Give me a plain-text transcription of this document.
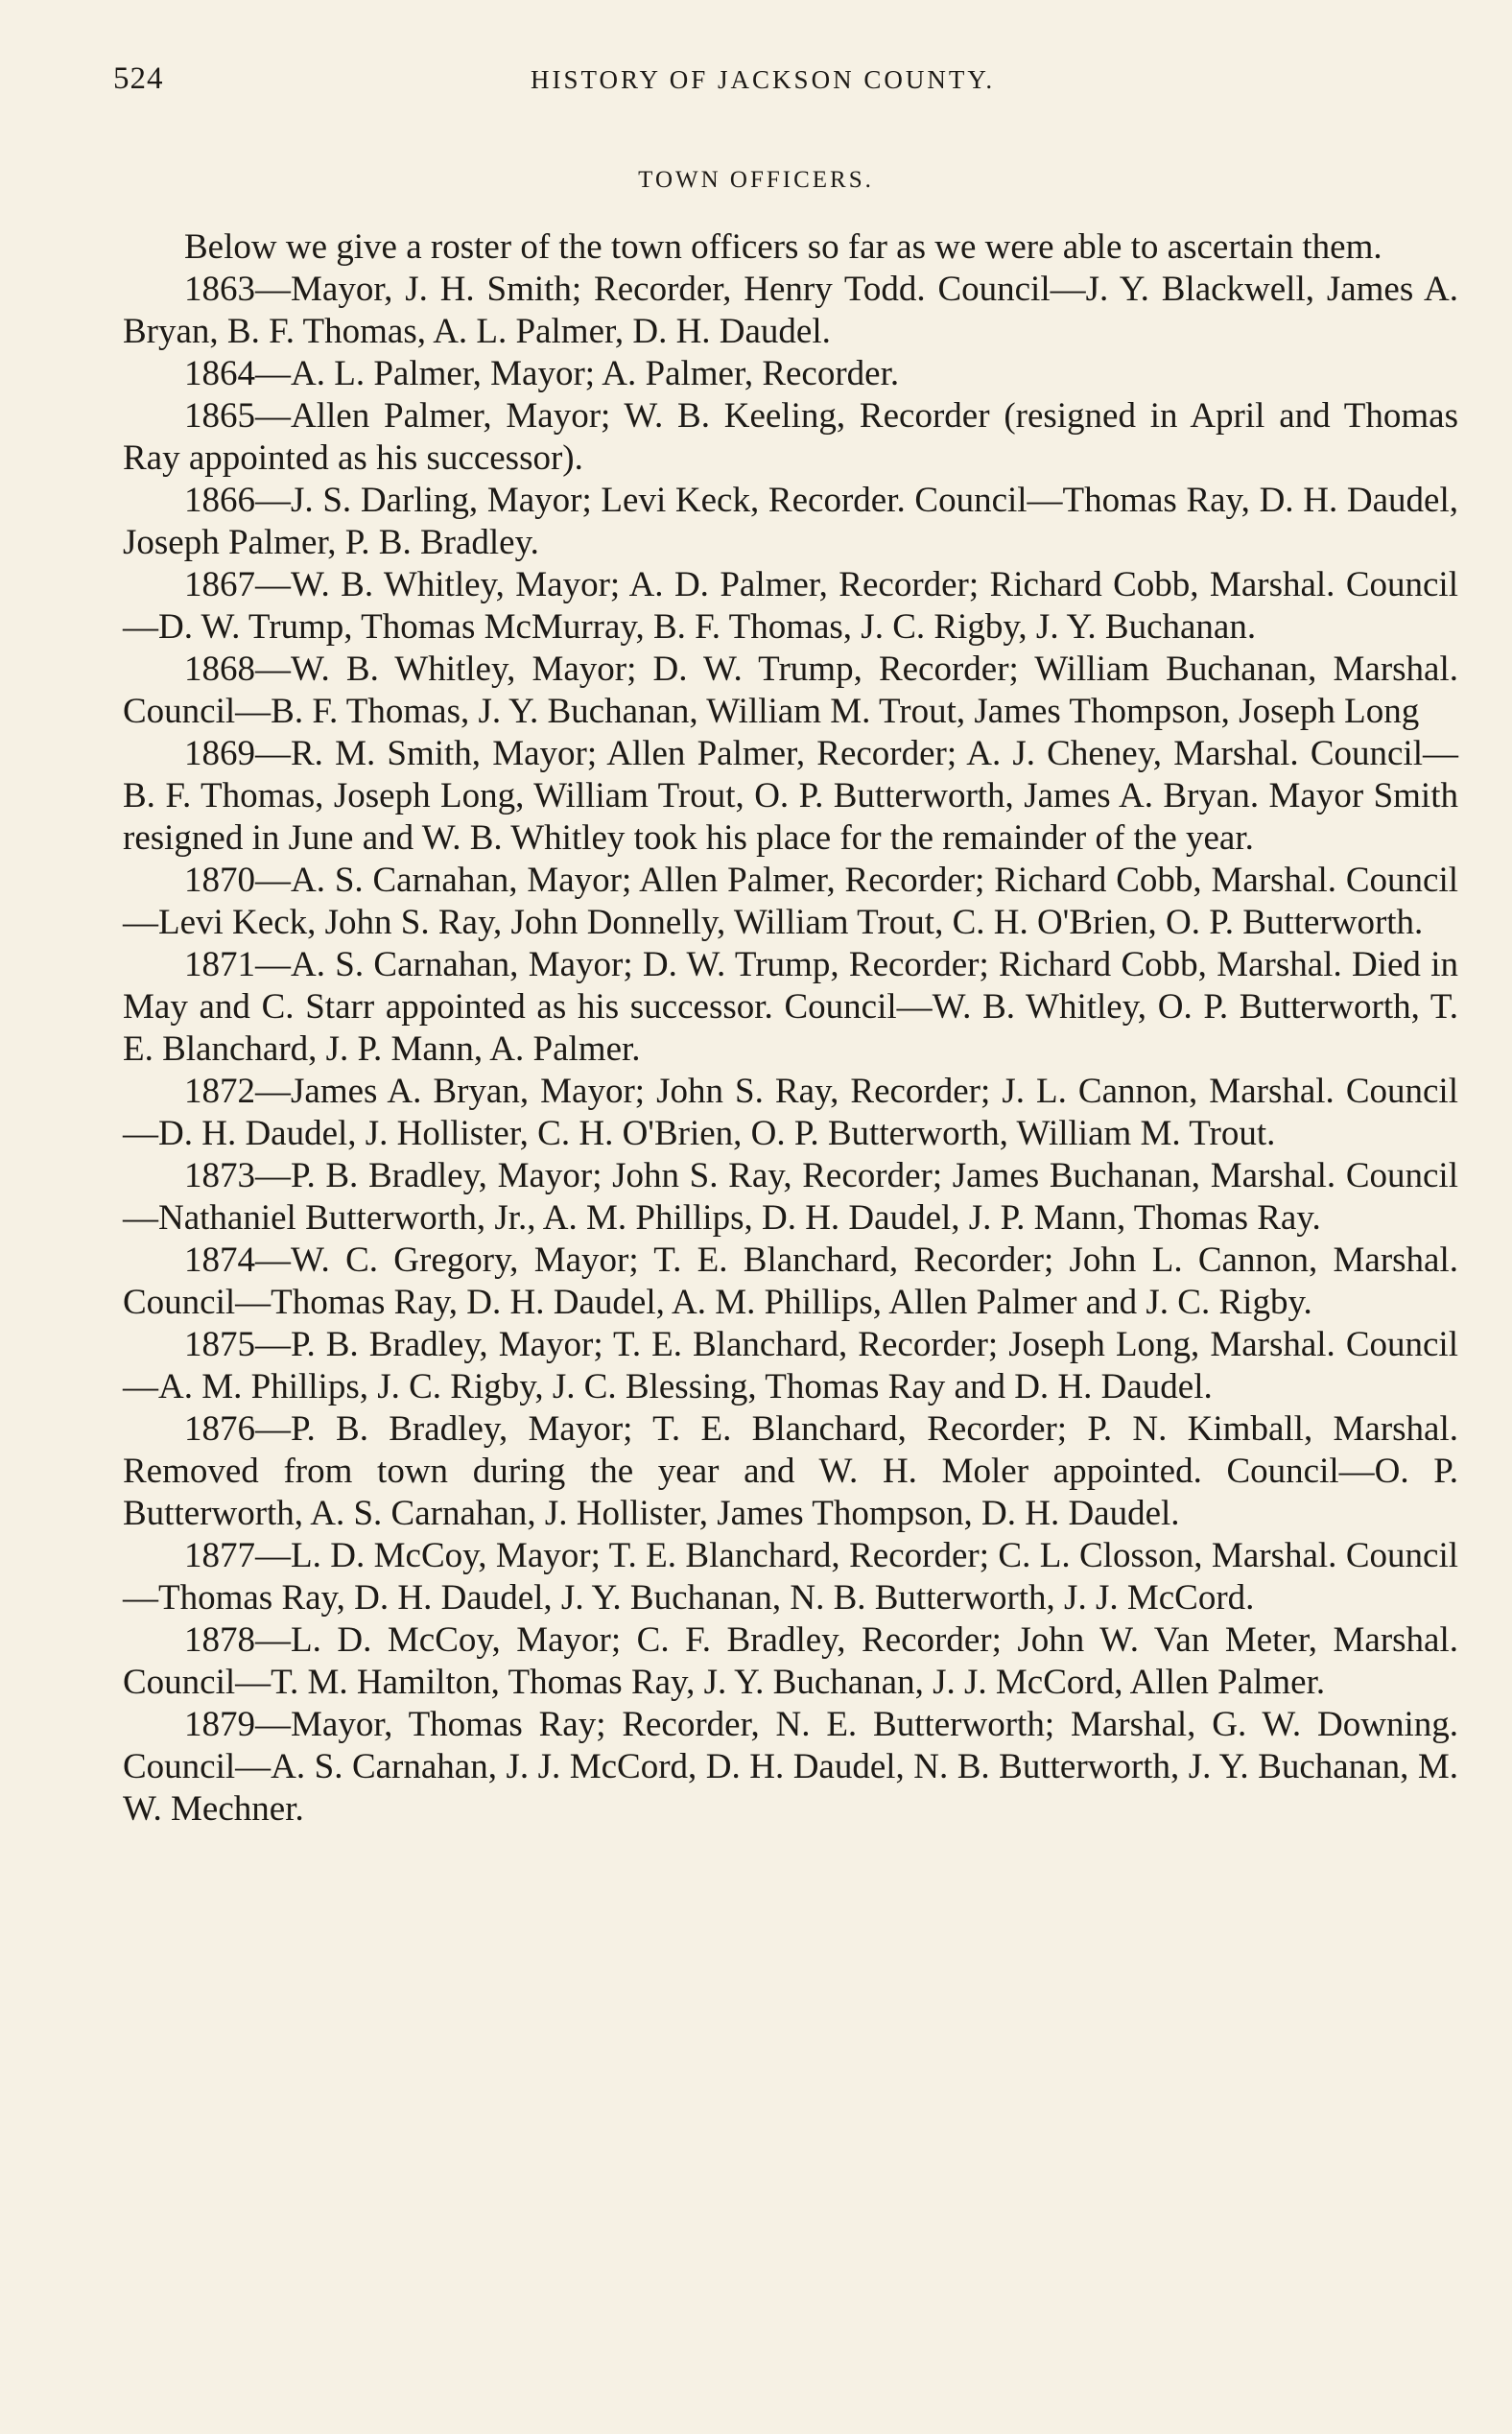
524	HISTORY OF JACKSON COUNTY.
TOWN OFFICERS.

Below we give a roster of the town officers so far as we were able to ascertain them.

1863—Mayor, J. H. Smith; Recorder, Henry Todd. Council—J. Y. Blackwell, James A. Bryan, B. F. Thomas, A. L. Palmer, D. H. Daudel.

1864—A. L. Palmer, Mayor; A. Palmer, Recorder.

1865—Allen Palmer, Mayor; W. B. Keeling, Recorder (resigned in April and Thomas Ray appointed as his successor).

1866—J. S. Darling, Mayor; Levi Keck, Recorder. Council—Thomas Ray, D. H. Daudel, Joseph Palmer, P. B. Bradley.

1867—W. B. Whitley, Mayor; A. D. Palmer, Recorder; Richard Cobb, Marshal. Council—D. W. Trump, Thomas McMurray, B. F. Thomas, J. C. Rigby, J. Y. Buchanan.

1868—W. B. Whitley, Mayor; D. W. Trump, Recorder; William Buchanan, Marshal. Council—B. F. Thomas, J. Y. Buchanan, William M. Trout, James Thompson, Joseph Long

1869—R. M. Smith, Mayor; Allen Palmer, Recorder; A. J. Cheney, Marshal. Council—B. F. Thomas, Joseph Long, William Trout, O. P. Butterworth, James A. Bryan. Mayor Smith resigned in June and W. B. Whitley took his place for the remainder of the year.

1870—A. S. Carnahan, Mayor; Allen Palmer, Recorder; Richard Cobb, Marshal. Council—Levi Keck, John S. Ray, John Donnelly, William Trout, C. H. O'Brien, O. P. Butterworth.

1871—A. S. Carnahan, Mayor; D. W. Trump, Recorder; Richard Cobb, Marshal. Died in May and C. Starr appointed as his successor. Council—W. B. Whitley, O. P. Butterworth, T. E. Blanchard, J. P. Mann, A. Palmer.

1872—James A. Bryan, Mayor; John S. Ray, Recorder; J. L. Cannon, Marshal. Council—D. H. Daudel, J. Hollister, C. H. O'Brien, O. P. Butterworth, William M. Trout.

1873—P. B. Bradley, Mayor; John S. Ray, Recorder; James Buchanan, Marshal. Council—Nathaniel Butterworth, Jr., A. M. Phillips, D. H. Daudel, J. P. Mann, Thomas Ray.

1874—W. C. Gregory, Mayor; T. E. Blanchard, Recorder; John L. Cannon, Marshal. Council—Thomas Ray, D. H. Daudel, A. M. Phillips, Allen Palmer and J. C. Rigby.

1875—P. B. Bradley, Mayor; T. E. Blanchard, Recorder; Joseph Long, Marshal. Council—A. M. Phillips, J. C. Rigby, J. C. Blessing, Thomas Ray and D. H. Daudel.

1876—P. B. Bradley, Mayor; T. E. Blanchard, Recorder; P. N. Kimball, Marshal. Removed from town during the year and W. H. Moler appointed. Council—O. P. Butterworth, A. S. Carnahan, J. Hollister, James Thompson, D. H. Daudel.

1877—L. D. McCoy, Mayor; T. E. Blanchard, Recorder; C. L. Closson, Marshal. Council—Thomas Ray, D. H. Daudel, J. Y. Buchanan, N. B. Butterworth, J. J. McCord.

1878—L. D. McCoy, Mayor; C. F. Bradley, Recorder; John W. Van Meter, Marshal. Council—T. M. Hamilton, Thomas Ray, J. Y. Buchanan, J. J. McCord, Allen Palmer.

1879—Mayor, Thomas Ray; Recorder, N. E. Butterworth; Marshal, G. W. Downing. Council—A. S. Carnahan, J. J. McCord, D. H. Daudel, N. B. Butterworth, J. Y. Buchanan, M. W. Mechner.
